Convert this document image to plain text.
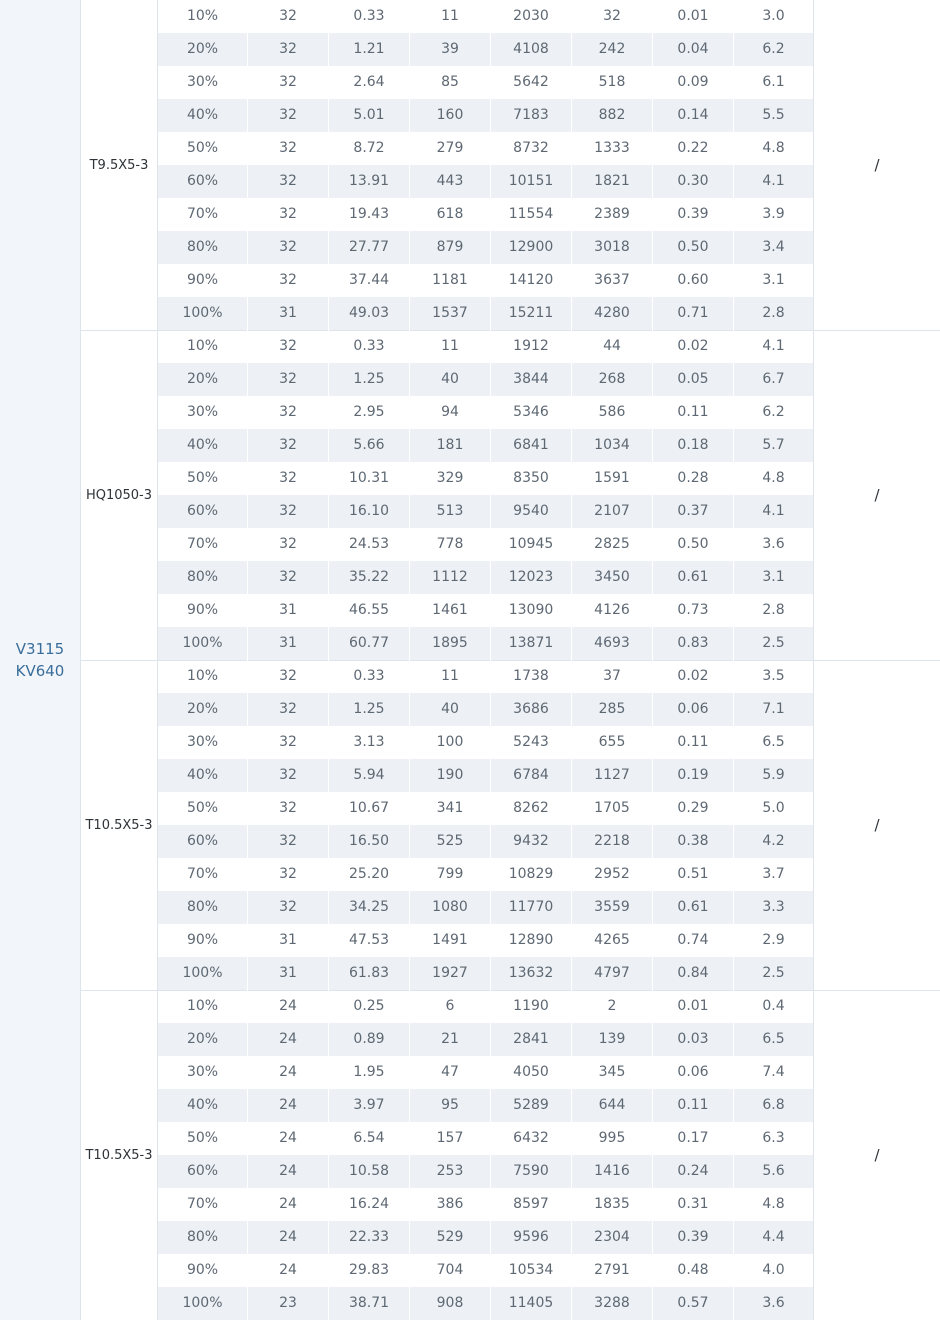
V3115
KV640
T9.5X5-3
10%	32	0.33	11	2030	32	0.01	3.0
20%	32	1.21	39	4108	242	0.04	6.2
30%	32	2.64	85	5642	518	0.09	6.1
40%	32	5.01	160	7183	882	0.14	5.5
50%	32	8.72	279	8732	1333	0.22	4.8
60%	32	13.91	443	10151	1821	0.30	4.1
70%	32	19.43	618	11554	2389	0.39	3.9
80%	32	27.77	879	12900	3018	0.50	3.4
90%	32	37.44	1181	14120	3637	0.60	3.1
100%	31	49.03	1537	15211	4280	0.71	2.8
/
HQ1050-3
10%	32	0.33	11	1912	44	0.02	4.1
20%	32	1.25	40	3844	268	0.05	6.7
30%	32	2.95	94	5346	586	0.11	6.2
40%	32	5.66	181	6841	1034	0.18	5.7
50%	32	10.31	329	8350	1591	0.28	4.8
60%	32	16.10	513	9540	2107	0.37	4.1
70%	32	24.53	778	10945	2825	0.50	3.6
80%	32	35.22	1112	12023	3450	0.61	3.1
90%	31	46.55	1461	13090	4126	0.73	2.8
100%	31	60.77	1895	13871	4693	0.83	2.5
/
T10.5X5-3
10%	32	0.33	11	1738	37	0.02	3.5
20%	32	1.25	40	3686	285	0.06	7.1
30%	32	3.13	100	5243	655	0.11	6.5
40%	32	5.94	190	6784	1127	0.19	5.9
50%	32	10.67	341	8262	1705	0.29	5.0
60%	32	16.50	525	9432	2218	0.38	4.2
70%	32	25.20	799	10829	2952	0.51	3.7
80%	32	34.25	1080	11770	3559	0.61	3.3
90%	31	47.53	1491	12890	4265	0.74	2.9
100%	31	61.83	1927	13632	4797	0.84	2.5
/
T10.5X5-3
10%	24	0.25	6	1190	2	0.01	0.4
20%	24	0.89	21	2841	139	0.03	6.5
30%	24	1.95	47	4050	345	0.06	7.4
40%	24	3.97	95	5289	644	0.11	6.8
50%	24	6.54	157	6432	995	0.17	6.3
60%	24	10.58	253	7590	1416	0.24	5.6
70%	24	16.24	386	8597	1835	0.31	4.8
80%	24	22.33	529	9596	2304	0.39	4.4
90%	24	29.83	704	10534	2791	0.48	4.0
100%	23	38.71	908	11405	3288	0.57	3.6
/
